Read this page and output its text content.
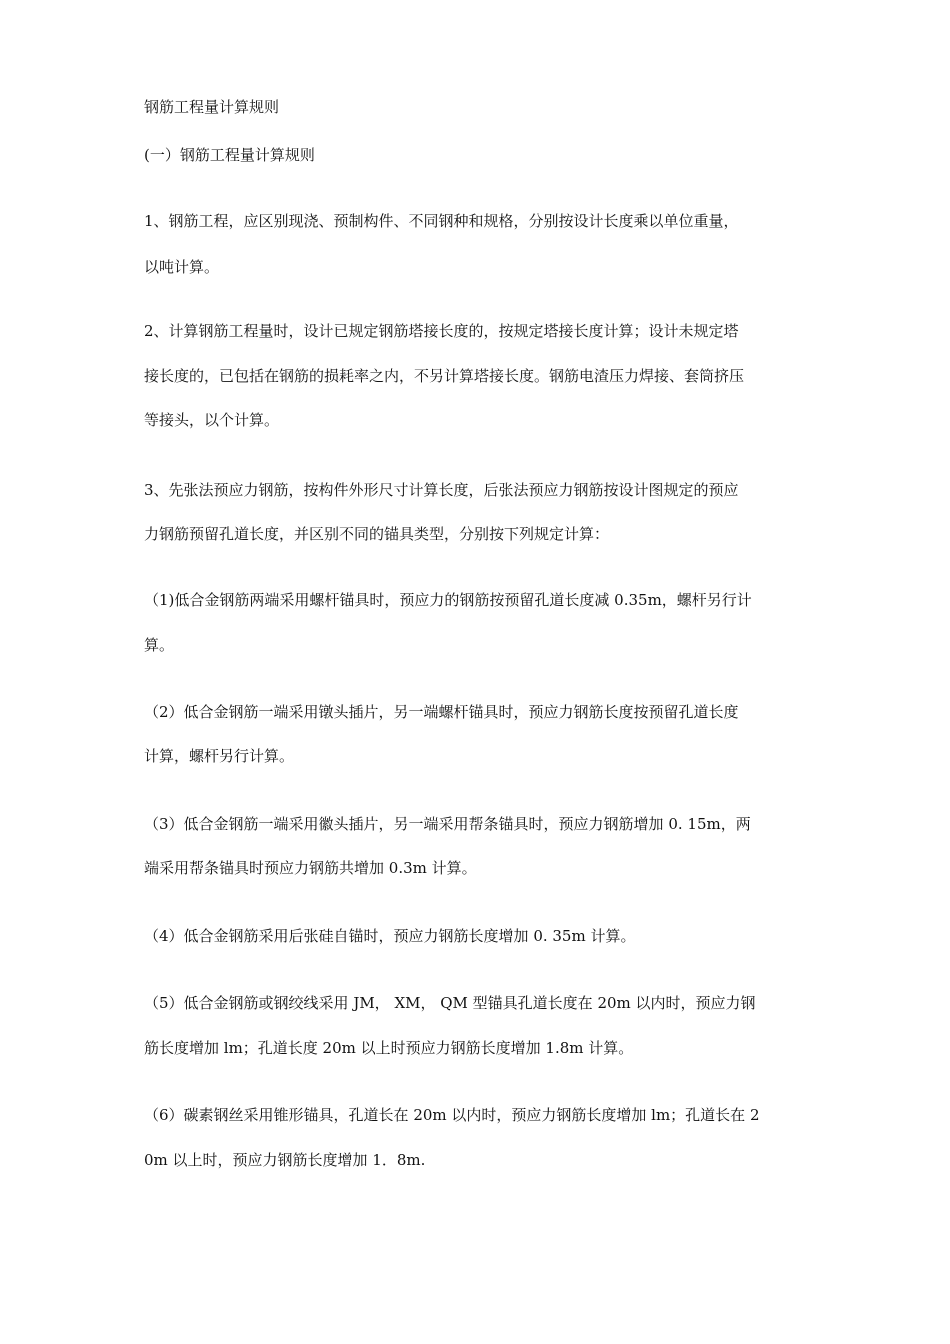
钢筋工程量计算规则

(一）钢筋工程量计算规则

1、钢筋工程，应区别现浇、预制构件、不同钢种和规格，分别按设计长度乘以单位重量，

以吨计算。

2、计算钢筋工程量时，设计已规定钢筋塔接长度的，按规定塔接长度计算；设计未规定塔

接长度的，已包括在钢筋的损耗率之内，不另计算塔接长度。钢筋电渣压力焊接、套筒挤压

等接头，以个计算。

3、先张法预应力钢筋，按构件外形尺寸计算长度，后张法预应力钢筋按设计图规定的预应

力钢筋预留孔道长度，并区别不同的锚具类型，分别按下列规定计算：

（1)低合金钢筋两端采用螺杆锚具时，预应力的钢筋按预留孔道长度减 0.35m，螺杆另行计

算。

（2）低合金钢筋一端采用镦头插片，另一端螺杆锚具时，预应力钢筋长度按预留孔道长度

计算，螺杆另行计算。

（3）低合金钢筋一端采用徽头插片，另一端采用帮条锚具时，预应力钢筋增加 0. 15m，两

端采用帮条锚具时预应力钢筋共增加 0.3m 计算。

（4）低合金钢筋采用后张硅自锚时，预应力钢筋长度增加 0. 35m 计算。

（5）低合金钢筋或钢绞线采用 JM， XM， QM 型锚具孔道长度在 20m 以内时，预应力钢

筋长度增加 lm；孔道长度 20m 以上时预应力钢筋长度增加 1.8m 计算。

（6）碳素钢丝采用锥形锚具，孔道长在 20m 以内时，预应力钢筋长度增加 lm；孔道长在 2

0m 以上时，预应力钢筋长度增加 1．8m.
